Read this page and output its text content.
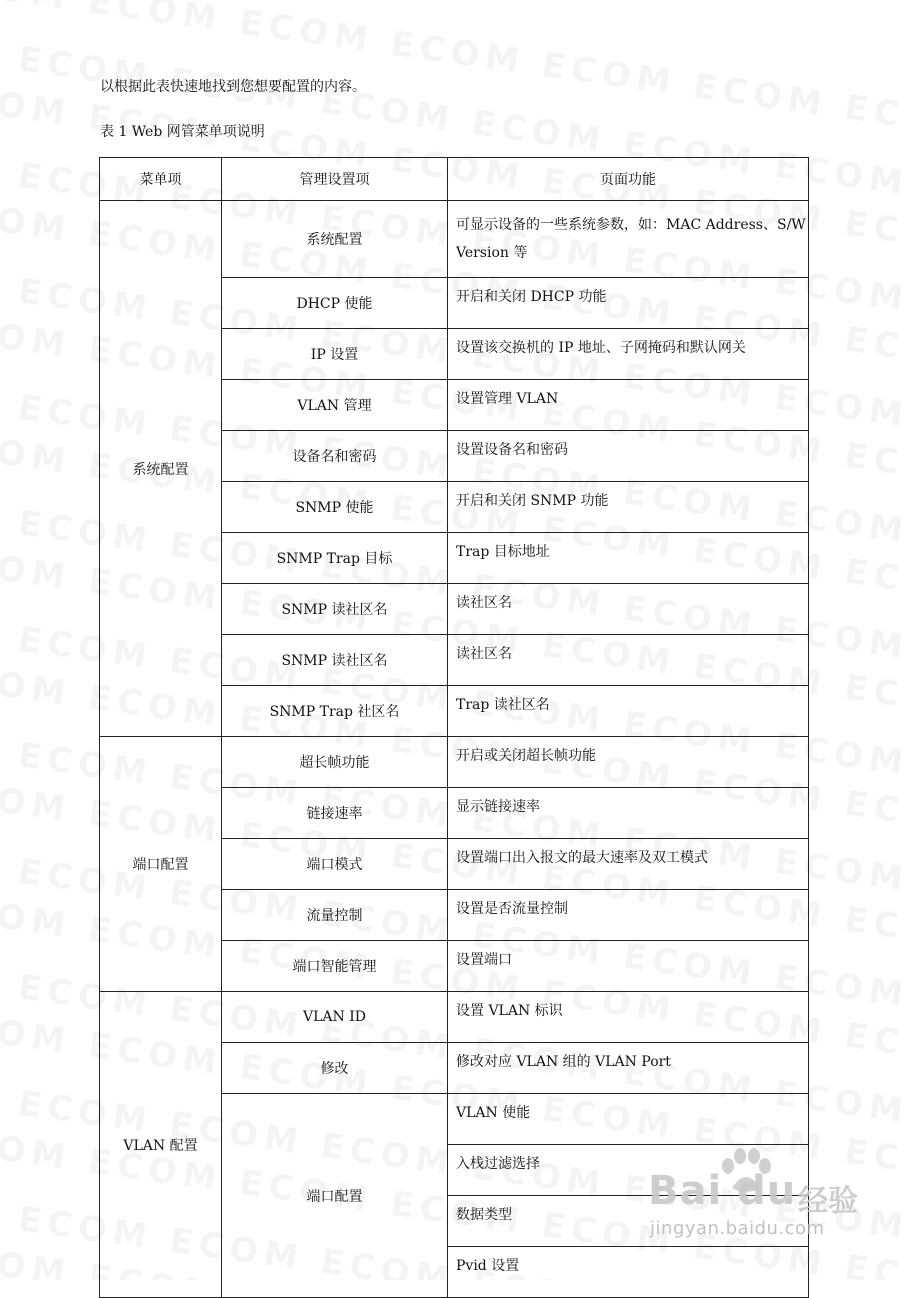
以根据此表快速地找到您想要配置的内容。
表 1 Web 网管菜单项说明
菜单项	管理设置项	页面功能
系统配置	系统配置	可显示设备的一些系统参数，如：MAC Address、S/W Version 等
	DHCP 使能	开启和关闭 DHCP 功能
	IP 设置	设置该交换机的 IP 地址、子网掩码和默认网关
	VLAN 管理	设置管理 VLAN
	设备名和密码	设置设备名和密码
	SNMP 使能	开启和关闭 SNMP 功能
	SNMP Trap 目标	Trap 目标地址
	SNMP 读社区名	读社区名
	SNMP 读社区名	读社区名
	SNMP Trap 社区名	Trap 读社区名
端口配置	超长帧功能	开启或关闭超长帧功能
	链接速率	显示链接速率
	端口模式	设置端口出入报文的最大速率及双工模式
	流量控制	设置是否流量控制
	端口智能管理	设置端口
VLAN 配置	VLAN ID	设置 VLAN 标识
	修改	修改对应 VLAN 组的 VLAN Port
	端口配置	VLAN 使能
		入栈过滤选择
		数据类型
		Pvid 设置
Bai du 经验
jingyan.baidu.com
